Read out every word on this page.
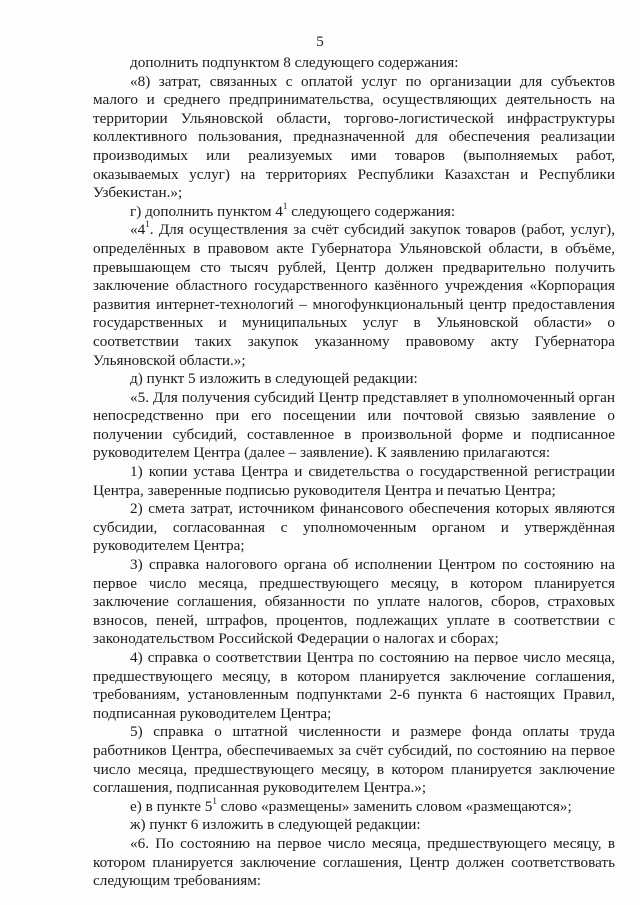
5

дополнить подпунктом 8 следующего содержания:

«8) затрат, связанных с оплатой услуг по организации для субъектов малого и среднего предпринимательства, осуществляющих деятельность на территории Ульяновской области, торгово-логистической инфраструктуры коллективного пользования, предназначенной для обеспечения реализации производимых или реализуемых ими товаров (выполняемых работ, оказываемых услуг) на территориях Республики Казахстан и Республики Узбекистан.»;

г) дополнить пунктом $4^1$ следующего содержания:

«$4^1$. Для осуществления за счёт субсидий закупок товаров (работ, услуг), определённых в правовом акте Губернатора Ульяновской области, в объёме, превышающем сто тысяч рублей, Центр должен предварительно получить заключение областного государственного казённого учреждения «Корпорация развития интернет-технологий – многофункциональный центр предоставления государственных и муниципальных услуг в Ульяновской области» о соответствии таких закупок указанному правовому акту Губернатора Ульяновской области.»;

д) пункт 5 изложить в следующей редакции:

«5. Для получения субсидий Центр представляет в уполномоченный орган непосредственно при его посещении или почтовой связью заявление о получении субсидий, составленное в произвольной форме и подписанное руководителем Центра (далее – заявление). К заявлению прилагаются:

1) копии устава Центра и свидетельства о государственной регистрации Центра, заверенные подписью руководителя Центра и печатью Центра;

2) смета затрат, источником финансового обеспечения которых являются субсидии, согласованная с уполномоченным органом и утверждённая руководителем Центра;

3) справка налогового органа об исполнении Центром по состоянию на первое число месяца, предшествующего месяцу, в котором планируется заключение соглашения, обязанности по уплате налогов, сборов, страховых взносов, пеней, штрафов, процентов, подлежащих уплате в соответствии с законодательством Российской Федерации о налогах и сборах;

4) справка о соответствии Центра по состоянию на первое число месяца, предшествующего месяцу, в котором планируется заключение соглашения, требованиям, установленным подпунктами 2-6 пункта 6 настоящих Правил, подписанная руководителем Центра;

5) справка о штатной численности и размере фонда оплаты труда работников Центра, обеспечиваемых за счёт субсидий, по состоянию на первое число месяца, предшествующего месяцу, в котором планируется заключение соглашения, подписанная руководителем Центра.»;

е) в пункте $5^1$ слово «размещены» заменить словом «размещаются»;

ж) пункт 6 изложить в следующей редакции:

«6. По состоянию на первое число месяца, предшествующего месяцу, в котором планируется заключение соглашения, Центр должен соответствовать следующим требованиям:
